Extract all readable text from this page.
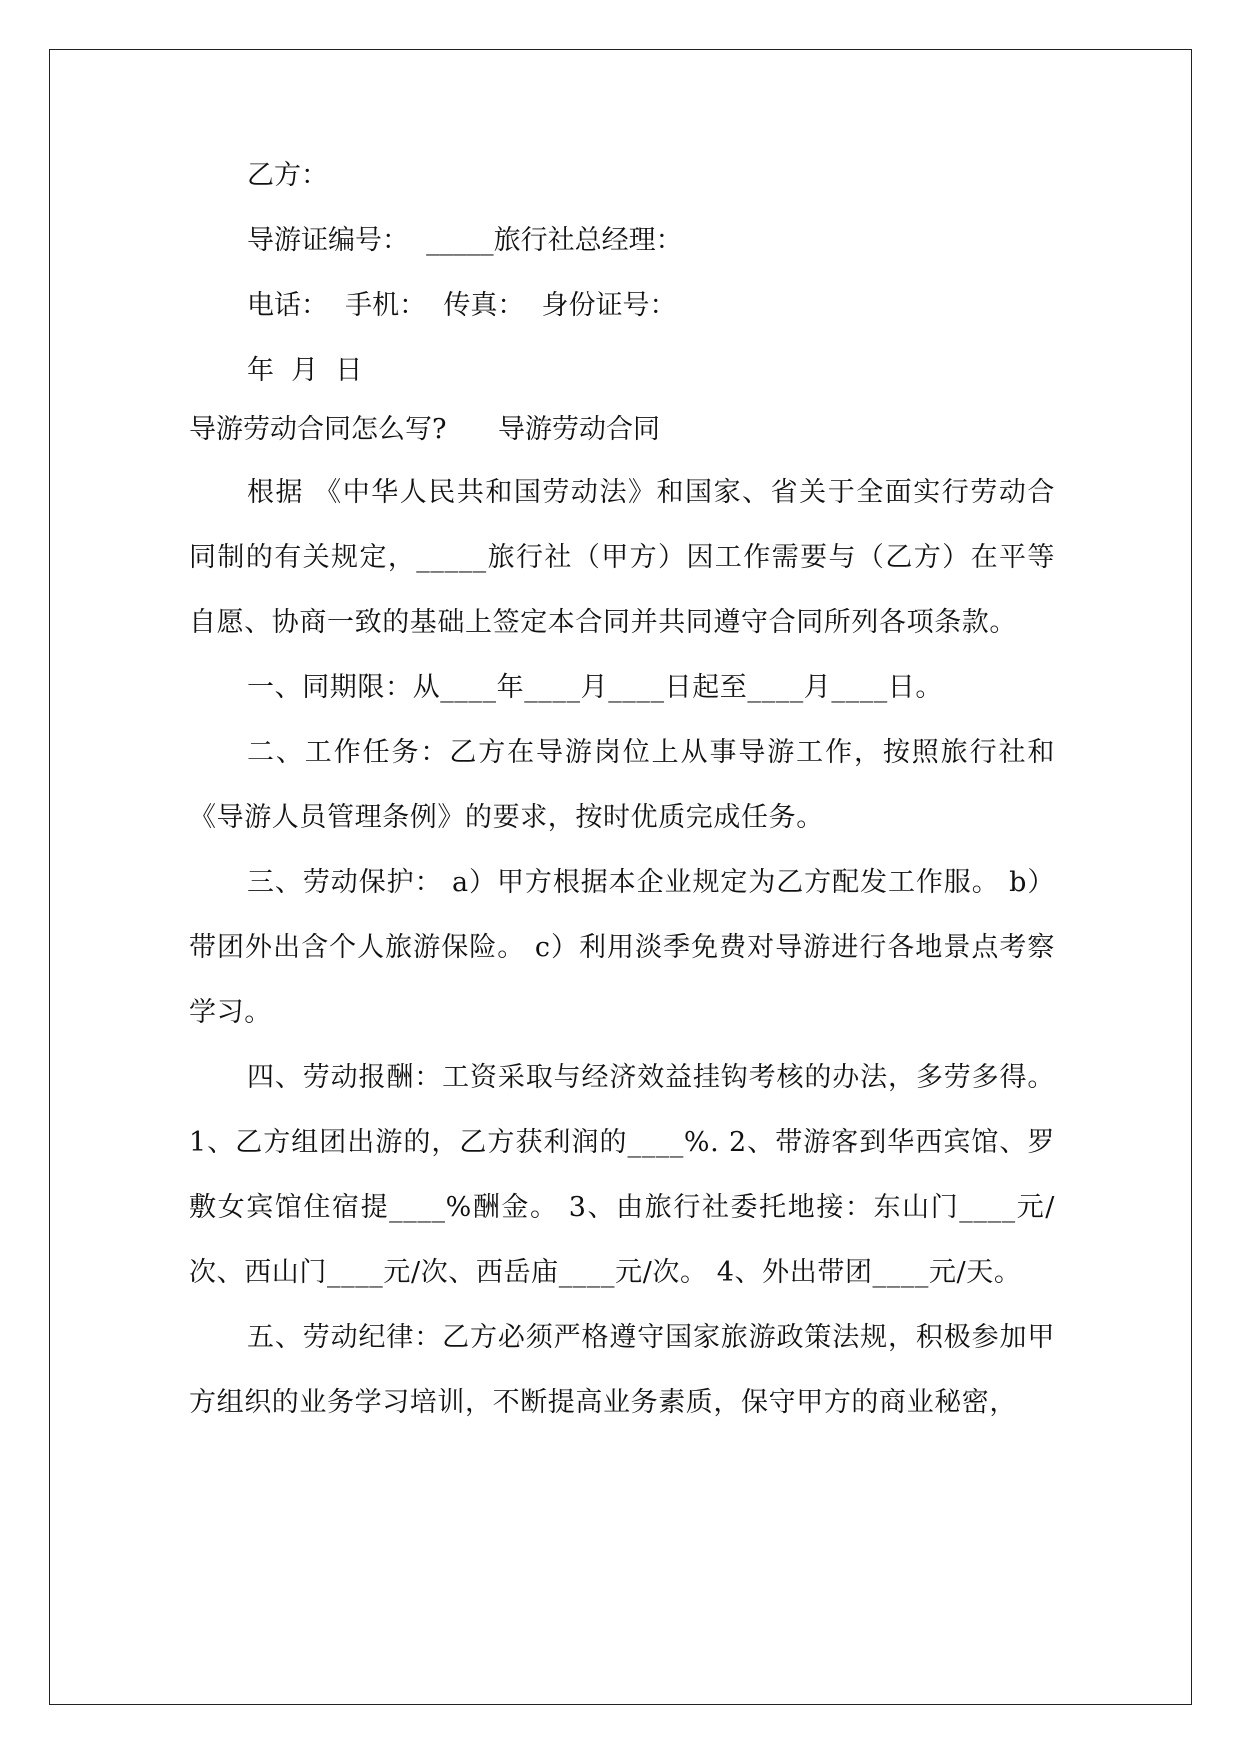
乙方：

导游证编号：  _____旅行社总经理：

电话：  手机：  传真：  身份证号：

年  月  日

导游劳动合同怎么写?      导游劳动合同

根据 《中华人民共和国劳动法》和国家、省关于全面实行劳动合同制的有关规定，_____旅行社（甲方）因工作需要与（乙方）在平等自愿、协商一致的基础上签定本合同并共同遵守合同所列各项条款。

一、同期限：从____年____月____日起至____月____日。

二、工作任务：乙方在导游岗位上从事导游工作，按照旅行社和《导游人员管理条例》的要求，按时优质完成任务。

三、劳动保护： a）甲方根据本企业规定为乙方配发工作服。 b）带团外出含个人旅游保险。 c）利用淡季免费对导游进行各地景点考察学习。

四、劳动报酬：工资采取与经济效益挂钩考核的办法，多劳多得。1、乙方组团出游的，乙方获利润的____%. 2、带游客到华西宾馆、罗敷女宾馆住宿提____%酬金。 3、由旅行社委托地接：东山门____元/次、西山门____元/次、西岳庙____元/次。 4、外出带团____元/天。

五、劳动纪律：乙方必须严格遵守国家旅游政策法规，积极参加甲方组织的业务学习培训，不断提高业务素质，保守甲方的商业秘密，
